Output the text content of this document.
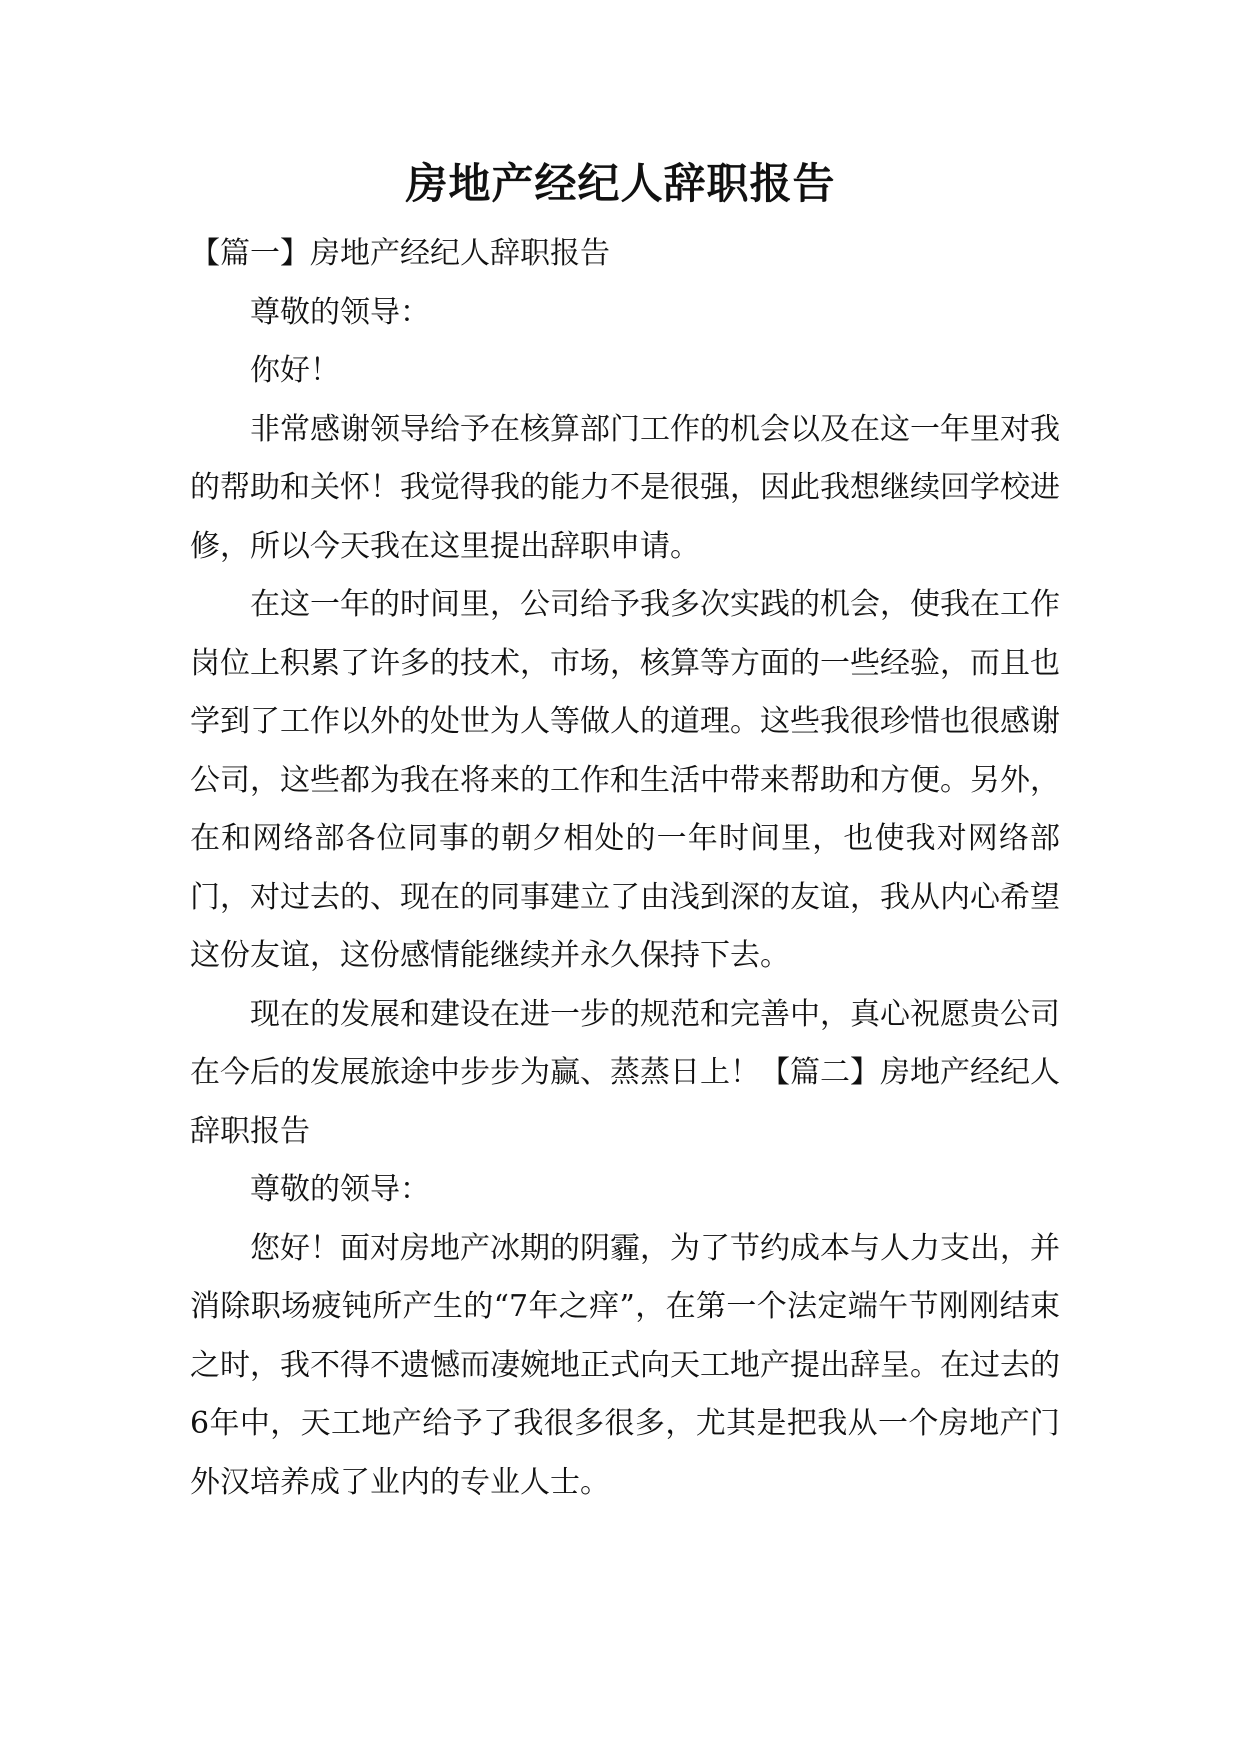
房地产经纪人辞职报告

【篇一】房地产经纪人辞职报告

尊敬的领导：

你好！

非常感谢领导给予在核算部门工作的机会以及在这一年里对我的帮助和关怀！我觉得我的能力不是很强，因此我想继续回学校进修，所以今天我在这里提出辞职申请。

在这一年的时间里，公司给予我多次实践的机会，使我在工作岗位上积累了许多的技术，市场，核算等方面的一些经验，而且也学到了工作以外的处世为人等做人的道理。这些我很珍惜也很感谢公司，这些都为我在将来的工作和生活中带来帮助和方便。另外，在和网络部各位同事的朝夕相处的一年时间里，也使我对网络部门，对过去的、现在的同事建立了由浅到深的友谊，我从内心希望这份友谊，这份感情能继续并永久保持下去。

现在的发展和建设在进一步的规范和完善中，真心祝愿贵公司在今后的发展旅途中步步为赢、蒸蒸日上！【篇二】房地产经纪人辞职报告

尊敬的领导：

您好！面对房地产冰期的阴霾，为了节约成本与人力支出，并消除职场疲钝所产生的“7年之痒”，在第一个法定端午节刚刚结束之时，我不得不遗憾而凄婉地正式向天工地产提出辞呈。在过去的6年中，天工地产给予了我很多很多，尤其是把我从一个房地产门外汉培养成了业内的专业人士。
